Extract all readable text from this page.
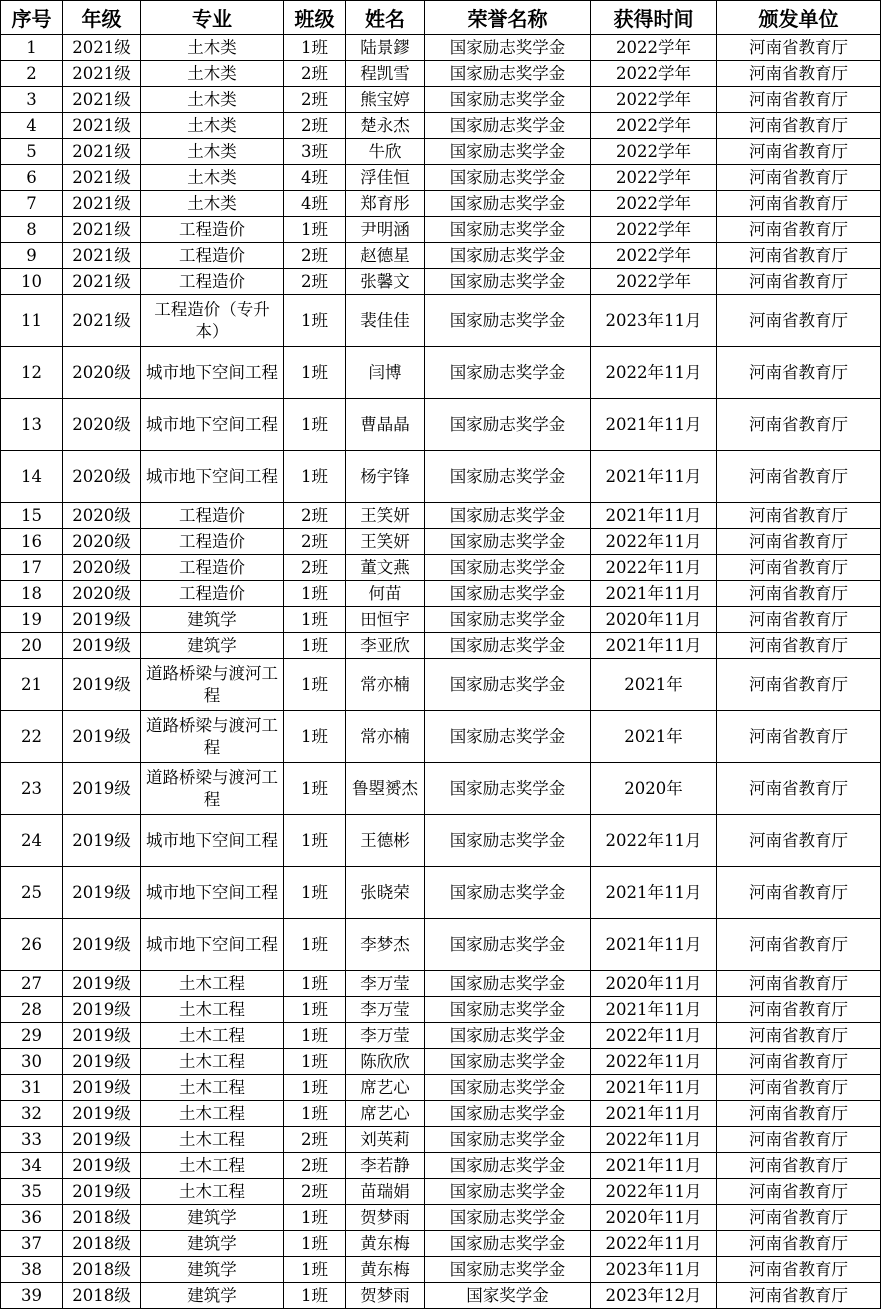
序号	年级	专业	班级	姓名	荣誉名称	获得时间	颁发单位
1	2021级	土木类	1班	陆景鏐	国家励志奖学金	2022学年	河南省教育厅
2	2021级	土木类	2班	程凯雪	国家励志奖学金	2022学年	河南省教育厅
3	2021级	土木类	2班	熊宝婷	国家励志奖学金	2022学年	河南省教育厅
4	2021级	土木类	2班	楚永杰	国家励志奖学金	2022学年	河南省教育厅
5	2021级	土木类	3班	牛欣	国家励志奖学金	2022学年	河南省教育厅
6	2021级	土木类	4班	浮佳恒	国家励志奖学金	2022学年	河南省教育厅
7	2021级	土木类	4班	郑育彤	国家励志奖学金	2022学年	河南省教育厅
8	2021级	工程造价	1班	尹明涵	国家励志奖学金	2022学年	河南省教育厅
9	2021级	工程造价	2班	赵德星	国家励志奖学金	2022学年	河南省教育厅
10	2021级	工程造价	2班	张馨文	国家励志奖学金	2022学年	河南省教育厅
11	2021级	工程造价（专升本）	1班	裴佳佳	国家励志奖学金	2023年11月	河南省教育厅
12	2020级	城市地下空间工程	1班	闫博	国家励志奖学金	2022年11月	河南省教育厅
13	2020级	城市地下空间工程	1班	曹晶晶	国家励志奖学金	2021年11月	河南省教育厅
14	2020级	城市地下空间工程	1班	杨宇锋	国家励志奖学金	2021年11月	河南省教育厅
15	2020级	工程造价	2班	王笑妍	国家励志奖学金	2021年11月	河南省教育厅
16	2020级	工程造价	2班	王笑妍	国家励志奖学金	2022年11月	河南省教育厅
17	2020级	工程造价	2班	董文燕	国家励志奖学金	2022年11月	河南省教育厅
18	2020级	工程造价	1班	何苗	国家励志奖学金	2021年11月	河南省教育厅
19	2019级	建筑学	1班	田恒宇	国家励志奖学金	2020年11月	河南省教育厅
20	2019级	建筑学	1班	李亚欣	国家励志奖学金	2021年11月	河南省教育厅
21	2019级	道路桥梁与渡河工程	1班	常亦楠	国家励志奖学金	2021年	河南省教育厅
22	2019级	道路桥梁与渡河工程	1班	常亦楠	国家励志奖学金	2021年	河南省教育厅
23	2019级	道路桥梁与渡河工程	1班	鲁曌赟杰	国家励志奖学金	2020年	河南省教育厅
24	2019级	城市地下空间工程	1班	王德彬	国家励志奖学金	2022年11月	河南省教育厅
25	2019级	城市地下空间工程	1班	张晓荣	国家励志奖学金	2021年11月	河南省教育厅
26	2019级	城市地下空间工程	1班	李梦杰	国家励志奖学金	2021年11月	河南省教育厅
27	2019级	土木工程	1班	李万莹	国家励志奖学金	2020年11月	河南省教育厅
28	2019级	土木工程	1班	李万莹	国家励志奖学金	2021年11月	河南省教育厅
29	2019级	土木工程	1班	李万莹	国家励志奖学金	2022年11月	河南省教育厅
30	2019级	土木工程	1班	陈欣欣	国家励志奖学金	2022年11月	河南省教育厅
31	2019级	土木工程	1班	席艺心	国家励志奖学金	2021年11月	河南省教育厅
32	2019级	土木工程	1班	席艺心	国家励志奖学金	2021年11月	河南省教育厅
33	2019级	土木工程	2班	刘英莉	国家励志奖学金	2022年11月	河南省教育厅
34	2019级	土木工程	2班	李若静	国家励志奖学金	2021年11月	河南省教育厅
35	2019级	土木工程	2班	苗瑞娟	国家励志奖学金	2022年11月	河南省教育厅
36	2018级	建筑学	1班	贺梦雨	国家励志奖学金	2020年11月	河南省教育厅
37	2018级	建筑学	1班	黄东梅	国家励志奖学金	2022年11月	河南省教育厅
38	2018级	建筑学	1班	黄东梅	国家励志奖学金	2023年11月	河南省教育厅
39	2018级	建筑学	1班	贺梦雨	国家奖学金	2023年12月	河南省教育厅
